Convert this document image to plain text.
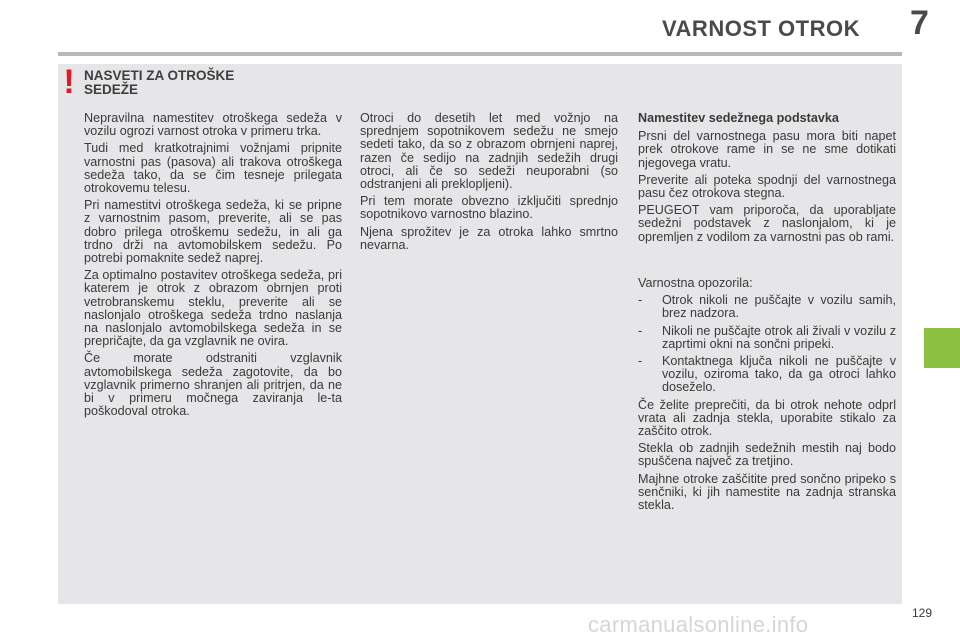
VARNOST OTROK 7
! NASVETI ZA OTROŠKE
SEDEŽE

Nepravilna namestitev otroškega sedeža v vozilu ogrozi varnost otroka v primeru trka.

Tudi med kratkotrajnimi vožnjami pripnite varnostni pas (pasova) ali trakova otroškega sedeža tako, da se čim tesneje prilegata otrokovemu telesu.

Pri namestitvi otroškega sedeža, ki se pripne z varnostnim pasom, preverite, ali se pas dobro prilega otroškemu sedežu, in ali ga trdno drži na avtomobilskem sedežu. Po potrebi pomaknite sedež naprej.

Za optimalno postavitev otroškega sedeža, pri katerem je otrok z obrazom obrnjen proti vetrobranskemu steklu, preverite ali se naslonjalo otroškega sedeža trdno naslanja na naslonjalo avtomobilskega sedeža in se prepričajte, da ga vzglavnik ne ovira.

Če morate odstraniti vzglavnik avtomobilskega sedeža zagotovite, da bo vzglavnik primerno shranjen ali pritrjen, da ne bi v primeru močnega zaviranja le-ta poškodoval otroka.

Otroci do desetih let med vožnjo na sprednjem sopotnikovem sedežu ne smejo sedeti tako, da so z obrazom obrnjeni naprej, razen če sedijo na zadnjih sedežih drugi otroci, ali če so sedeži neuporabni (so odstranjeni ali preklopljeni).

Pri tem morate obvezno izključiti sprednjo sopotnikovo varnostno blazino.

Njena sprožitev je za otroka lahko smrtno nevarna.

Namestitev sedežnega podstavka

Prsni del varnostnega pasu mora biti napet prek otrokove rame in se ne sme dotikati njegovega vratu.

Preverite ali poteka spodnji del varnostnega pasu čez otrokova stegna.

PEUGEOT vam priporoča, da uporabljate sedežni podstavek z naslonjalom, ki je opremljen z vodilom za varnostni pas ob rami.

Varnostna opozorila:

- Otrok nikoli ne puščajte v vozilu samih, brez nadzora.
- Nikoli ne puščajte otrok ali živali v vozilu z zaprtimi okni na sončni pripeki.
- Kontaktnega ključa nikoli ne puščajte v vozilu, oziroma tako, da ga otroci lahko doseželo.

Če želite preprečiti, da bi otrok nehote odprl vrata ali zadnja stekla, uporabite stikalo za zaščito otrok.

Stekla ob zadnjih sedežnih mestih naj bodo spuščena največ za tretjino.

Majhne otroke zaščitite pred sončno pripeko s senčniki, ki jih namestite na zadnja stranska stekla.

129
carmanualsonline.info
